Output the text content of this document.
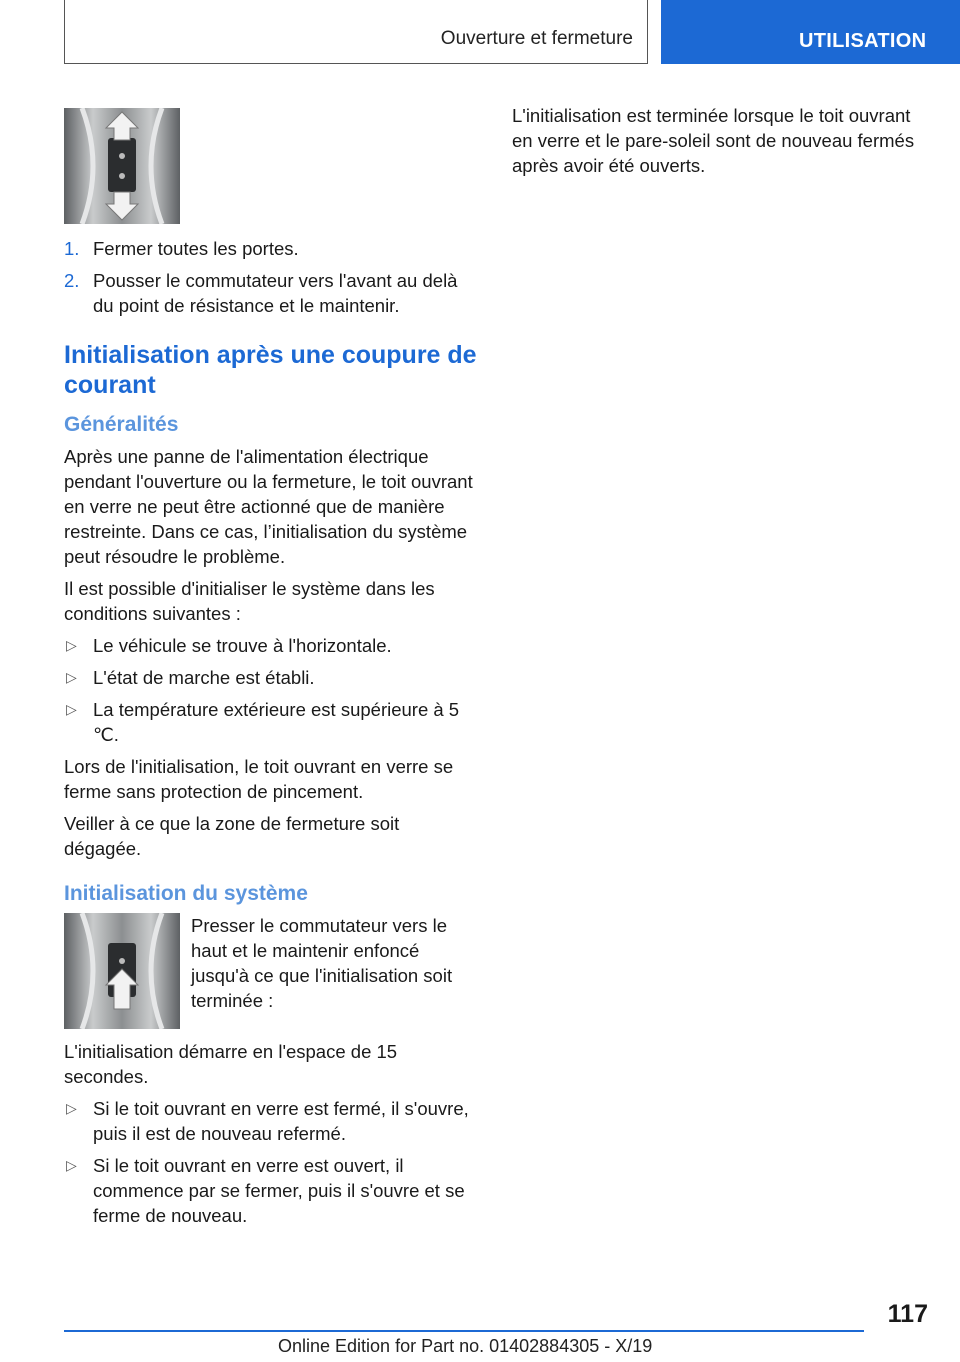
Ouverture et fermeture	UTILISATION
1. Fermer toutes les portes.
2. Pousser le commutateur vers l'avant au delà du point de résistance et le maintenir.
Initialisation après une coupure de courant
Généralités

Après une panne de l'alimentation électrique pendant l'ouverture ou la fermeture, le toit ouvrant en verre ne peut être actionné que de manière restreinte. Dans ce cas, l’initialisation du système peut résoudre le problème.

Il est possible d'initialiser le système dans les conditions suivantes :

▷ Le véhicule se trouve à l'horizontale.
▷ L'état de marche est établi.
▷ La température extérieure est supérieure à 5 ℃.

Lors de l'initialisation, le toit ouvrant en verre se ferme sans protection de pincement.

Veiller à ce que la zone de fermeture soit dégagée.

Initialisation du système

Presser le commutateur vers le haut et le maintenir enfoncé jusqu'à ce que l'initialisation soit terminée :

L'initialisation démarre en l'espace de 15 secondes.

▷ Si le toit ouvrant en verre est fermé, il s'ouvre, puis il est de nouveau refermé.
▷ Si le toit ouvrant en verre est ouvert, il commence par se fermer, puis il s'ouvre et se ferme de nouveau.

L'initialisation est terminée lorsque le toit ouvrant en verre et le pare-soleil sont de nouveau fermés après avoir été ouverts.

117
Online Edition for Part no. 01402884305 - X/19
